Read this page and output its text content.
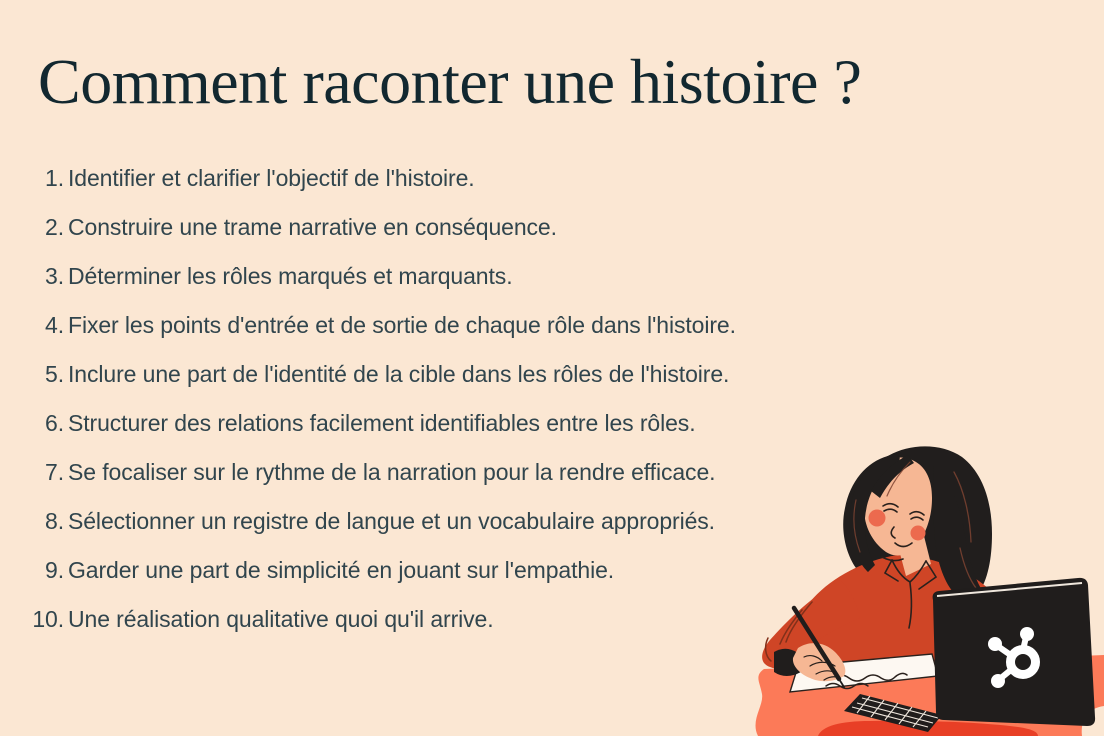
Comment raconter une histoire ?
1. Identifier et clarifier l'objectif de l'histoire.
2. Construire une trame narrative en conséquence.
3. Déterminer les rôles marqués et marquants.
4. Fixer les points d'entrée et de sortie de chaque rôle dans l'histoire.
5. Inclure une part de l'identité de la cible dans les rôles de l'histoire.
6. Structurer des relations facilement identifiables entre les rôles.
7. Se focaliser sur le rythme de la narration pour la rendre efficace.
8. Sélectionner un registre de langue et un vocabulaire appropriés.
9. Garder une part de simplicité en jouant sur l'empathie.
10. Une réalisation qualitative quoi qu'il arrive.
